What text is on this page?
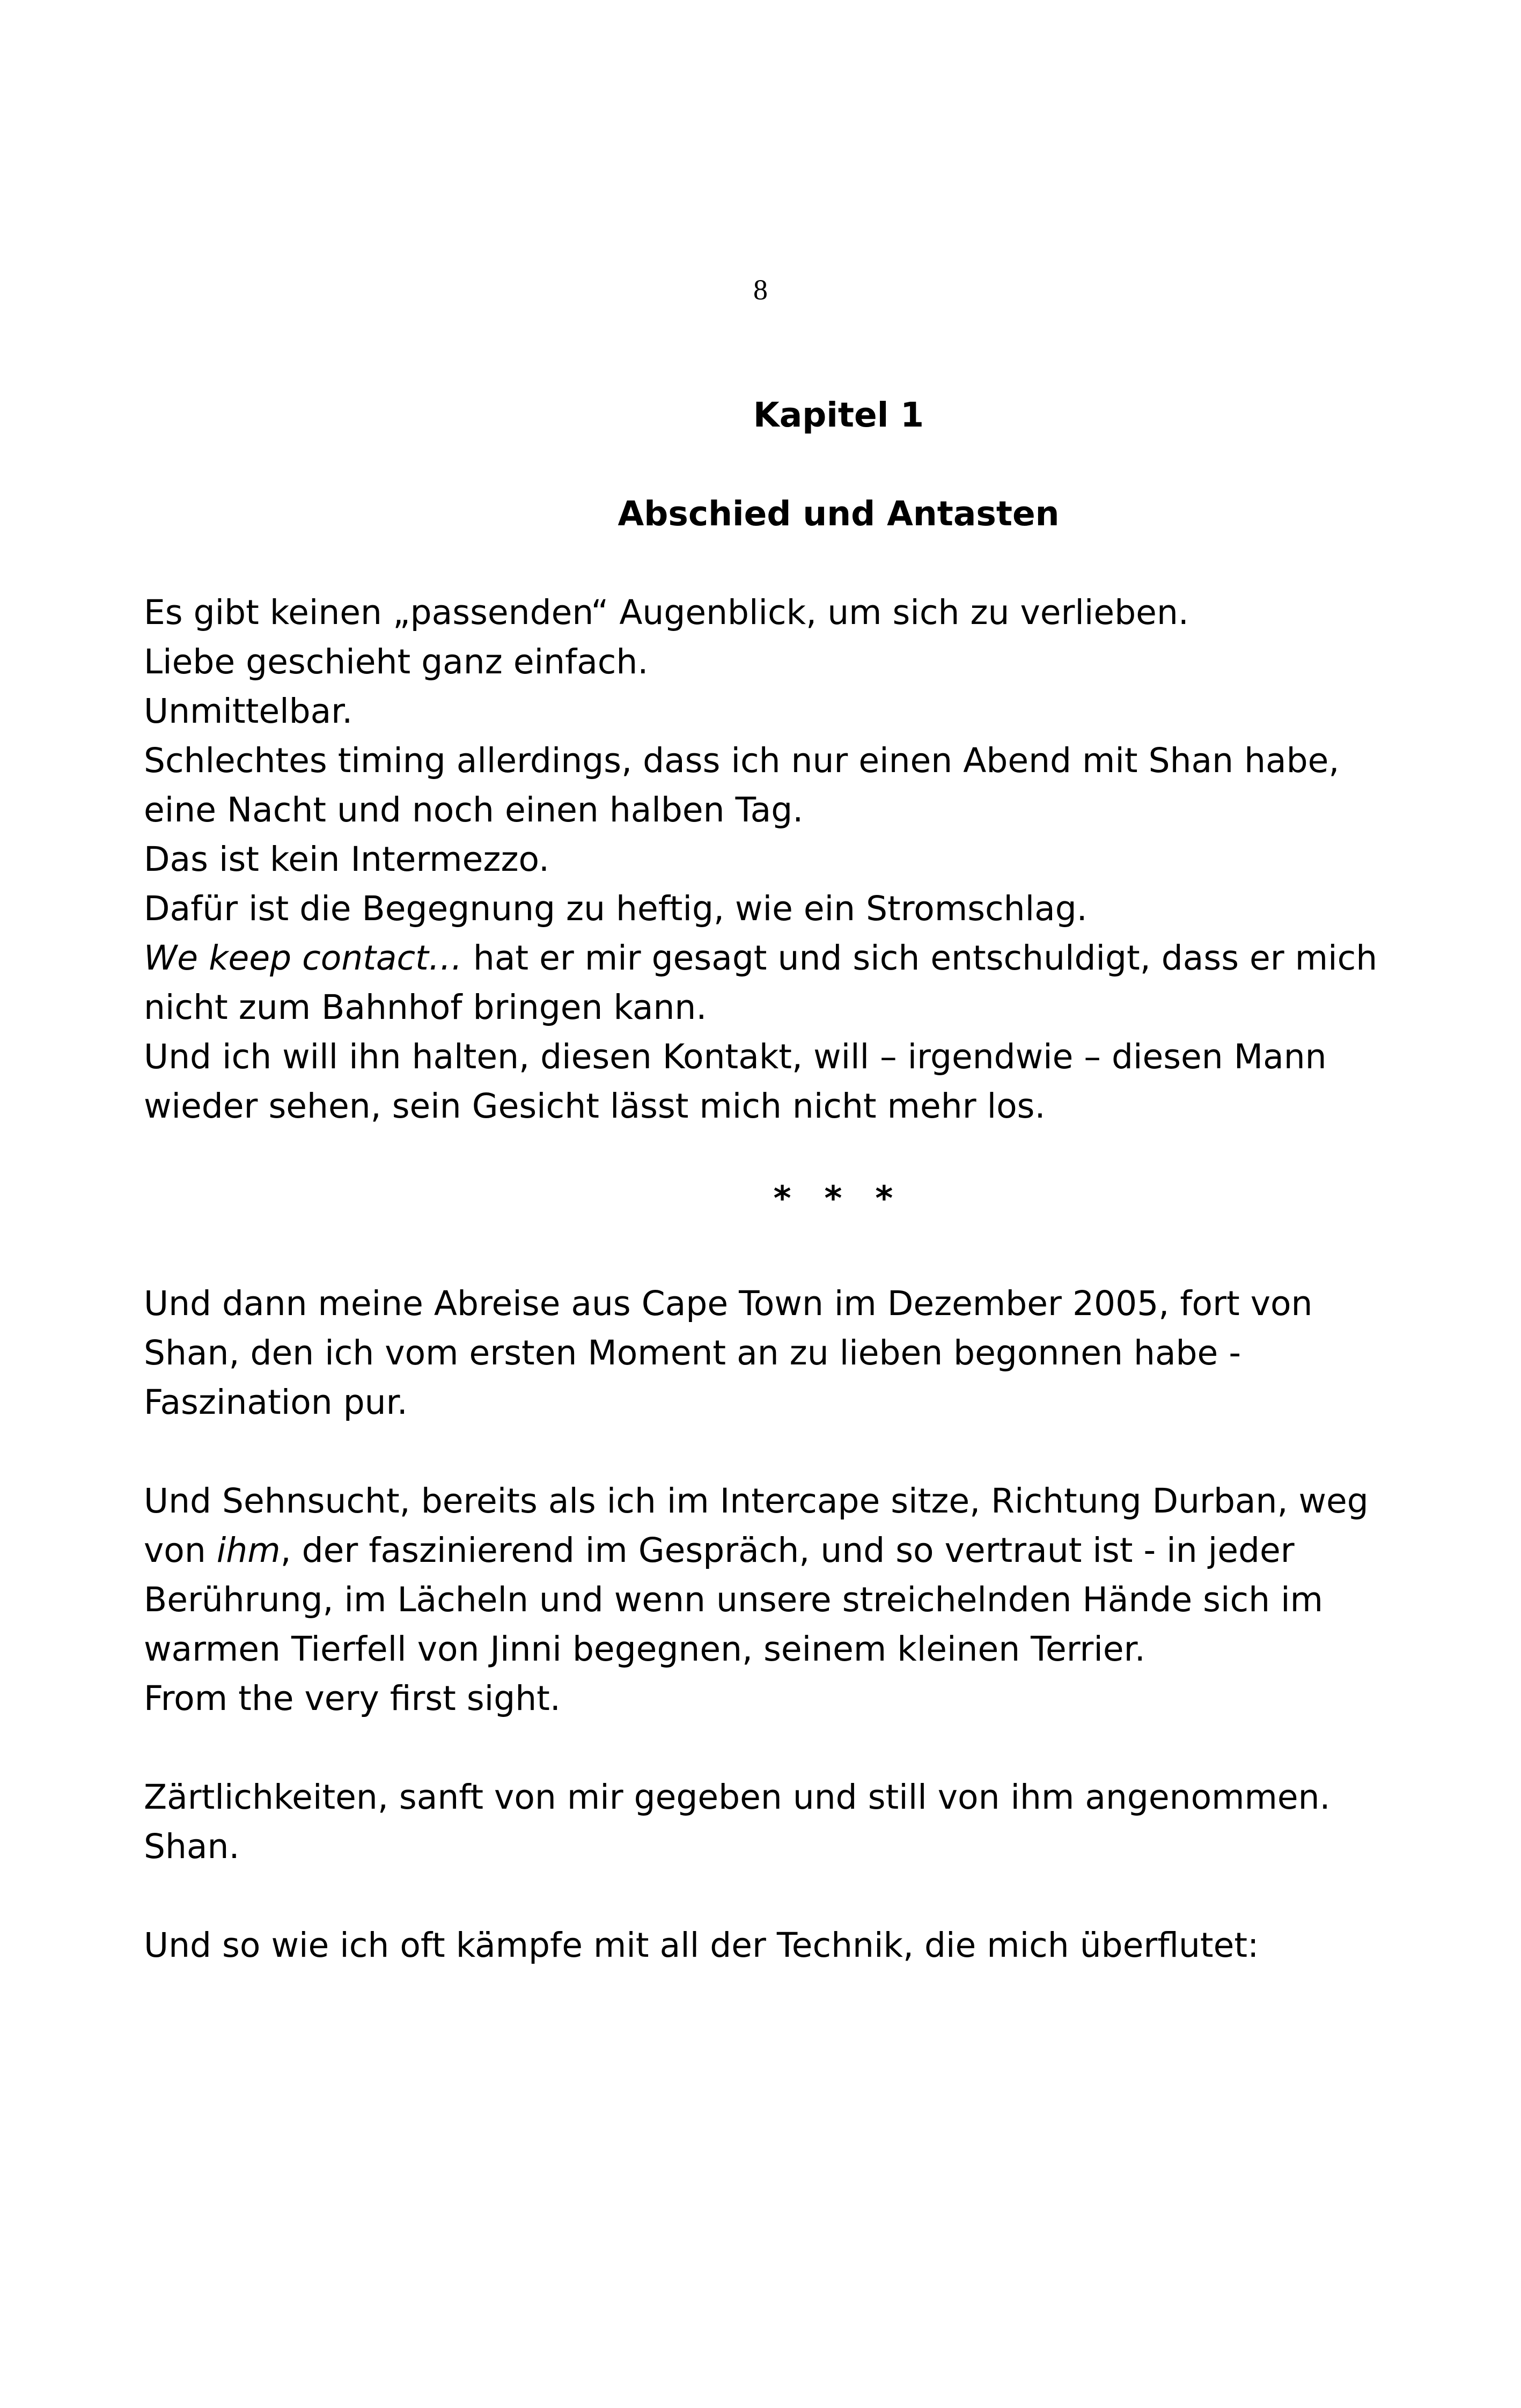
8

Kapitel 1

Abschied und Antasten

Es gibt keinen „passenden“ Augenblick, um sich zu verlieben.
Liebe geschieht ganz einfach.
Unmittelbar.
Schlechtes timing allerdings, dass ich nur einen Abend mit Shan habe,
eine Nacht und noch einen halben Tag.
Das ist kein Intermezzo.
Dafür ist die Begegnung zu heftig, wie ein Stromschlag.
We keep contact… hat er mir gesagt und sich entschuldigt, dass er mich
nicht zum Bahnhof bringen kann.
Und ich will ihn halten, diesen Kontakt, will – irgendwie – diesen Mann
wieder sehen, sein Gesicht lässt mich nicht mehr los.
* * *
Und dann meine Abreise aus Cape Town im Dezember 2005, fort von
Shan, den ich vom ersten Moment an zu lieben begonnen habe -
Faszination pur.
Und Sehnsucht, bereits als ich im Intercape sitze, Richtung Durban, weg
von ihm, der faszinierend im Gespräch, und so vertraut ist - in jeder
Berührung, im Lächeln und wenn unsere streichelnden Hände sich im
warmen Tierfell von Jinni begegnen, seinem kleinen Terrier.
From the very first sight.
Zärtlichkeiten, sanft von mir gegeben und still von ihm angenommen.
Shan.
Und so wie ich oft kämpfe mit all der Technik, die mich überflutet:
